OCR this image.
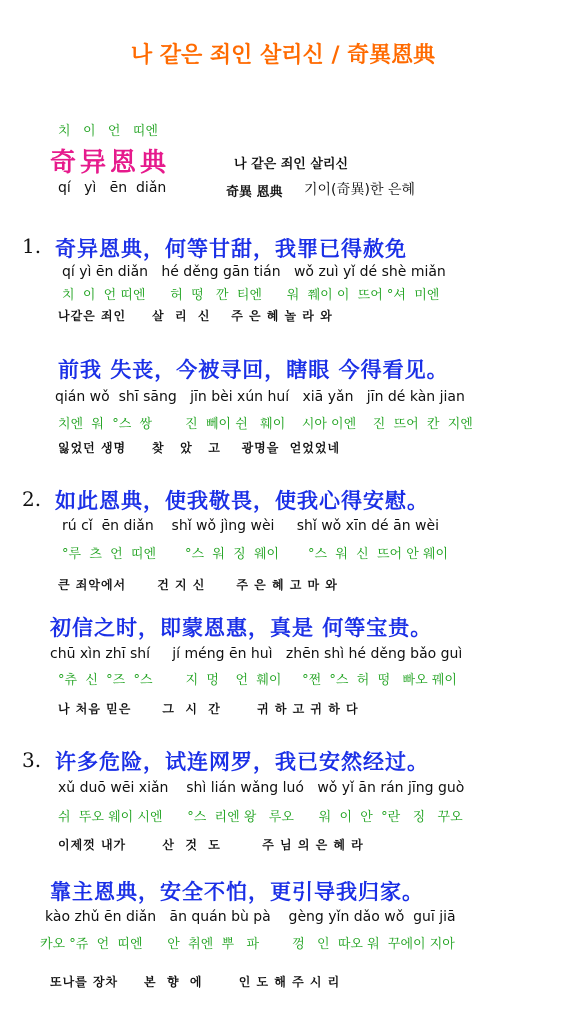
나 같은 죄인 살리신 / 奇異恩典
치   이   언   띠엔
奇异恩典	나 같은 죄인 살리신
qí   yì   ēn  diǎn	奇異 恩典 기이(奇異)한 은혜
1. 奇异恩典，何等甘甜，我罪已得赦免
qí yì ēn diǎn   hé děng gān tián   wǒ zuì yǐ dé shè miǎn
치  이  언 띠엔      허  떵   깐  티엔      워  쮀이 이  뜨어 °셔  미엔
나같은 죄인     살  리  신    주 은 혜 놀 라 와
前我 失丧，今被寻回，瞎眼 今得看见。
qián wǒ  shī sāng   jīn bèi xún huí   xiā yǎn   jīn dé kàn jian
치엔  워  °스  쌍        진  뻬이 쉰   훼이    시아 이엔    진  뜨어  칸  지엔
잃었던 생명     찾   았   고    광명을  얻었었네
2. 如此恩典，使我敬畏，使我心得安慰。
rú cǐ  ēn diǎn    shǐ wǒ jìng wèi     shǐ wǒ xīn dé ān wèi
°루  츠  언  띠엔       °스  워  징  웨이       °스  워  신  뜨어 안 웨이
큰 죄악에서      건 지 신      주 은 혜 고 마 와
初信之时，即蒙恩惠，真是 何等宝贵。
chū xìn zhī shí     jí méng ēn huì   zhēn shì hé děng bǎo guì
°츄  신  °즈  °스        지  멍    언  훼이     °쩐  °스  허  떵   빠오 꿰이
나 처음 믿은      그  시  간       귀 하 고 귀 하 다
3. 许多危险，试连网罗，我已安然经过。
xǔ duō wēi xiǎn    shì lián wǎng luó   wǒ yǐ ān rán jīng guò
쉬  뚜오 웨이 시엔      °스  리엔 왕   루오      워  이  안  °란   징   꾸오
이제껏 내가       산  것  도        주 님 의 은 혜 라
靠主恩典，安全不怕，更引导我归家。
kào zhǔ ēn diǎn   ān quán bù pà    gèng yǐn dǎo wǒ  guī jiā
카오 °쥬  언  띠엔      안  취엔  뿌   파        껑   인  따오 워  꾸에이 지아
또나를 장차     본  향  에       인 도 해 주 시 리
